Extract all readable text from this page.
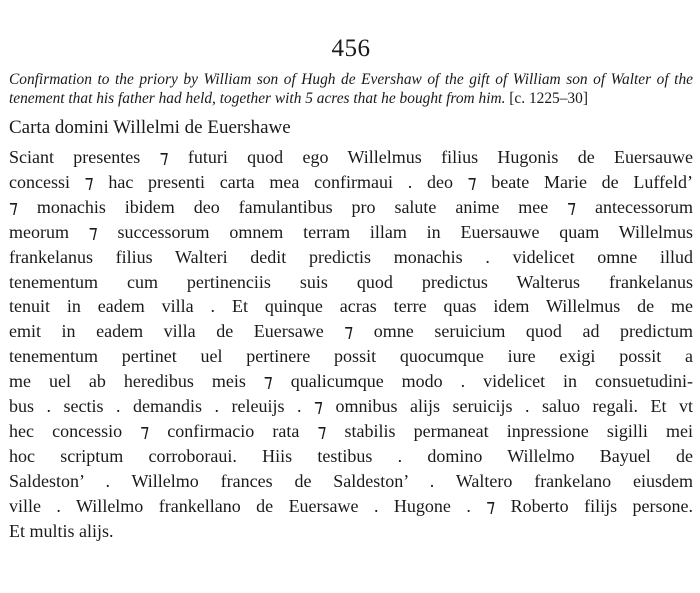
456

Confirmation to the priory by William son of Hugh de Evershaw of the gift of William son of Walter of the tenement that his father had held, together with 5 acres that he bought from him. [c. 1225–30]

Carta domini Willelmi de Euershawe
Sciant presentes ⁊ futuri quod ego Willelmus filius Hugonis de Euersauwe
concessi ⁊ hac presenti carta mea confirmaui . deo ⁊ beate Marie de Luffeld’
⁊ monachis ibidem deo famulantibus pro salute anime mee ⁊ antecessorum
meorum ⁊ successorum omnem terram illam in Euersauwe quam Willelmus
frankelanus filius Walteri dedit predictis monachis . videlicet omne illud
tenementum cum pertinenciis suis quod predictus Walterus frankelanus
tenuit in eadem villa . Et quinque acras terre quas idem Willelmus de me
emit in eadem villa de Euersawe ⁊ omne seruicium quod ad predictum
tenementum pertinet uel pertinere possit quocumque iure exigi possit a
me uel ab heredibus meis ⁊ qualicumque modo . videlicet in consuetudini-
bus . sectis . demandis . releuijs . ⁊ omnibus alijs seruicijs . saluo regali. Et vt
hec concessio ⁊ confirmacio rata ⁊ stabilis permaneat inpressione sigilli mei
hoc scriptum corroboraui. Hiis testibus . domino Willelmo Bayuel de
Saldeston’ . Willelmo frances de Saldeston’ . Waltero frankelano eiusdem
ville . Willelmo frankellano de Euersawe . Hugone . ⁊ Roberto filijs persone.
Et multis alijs.
